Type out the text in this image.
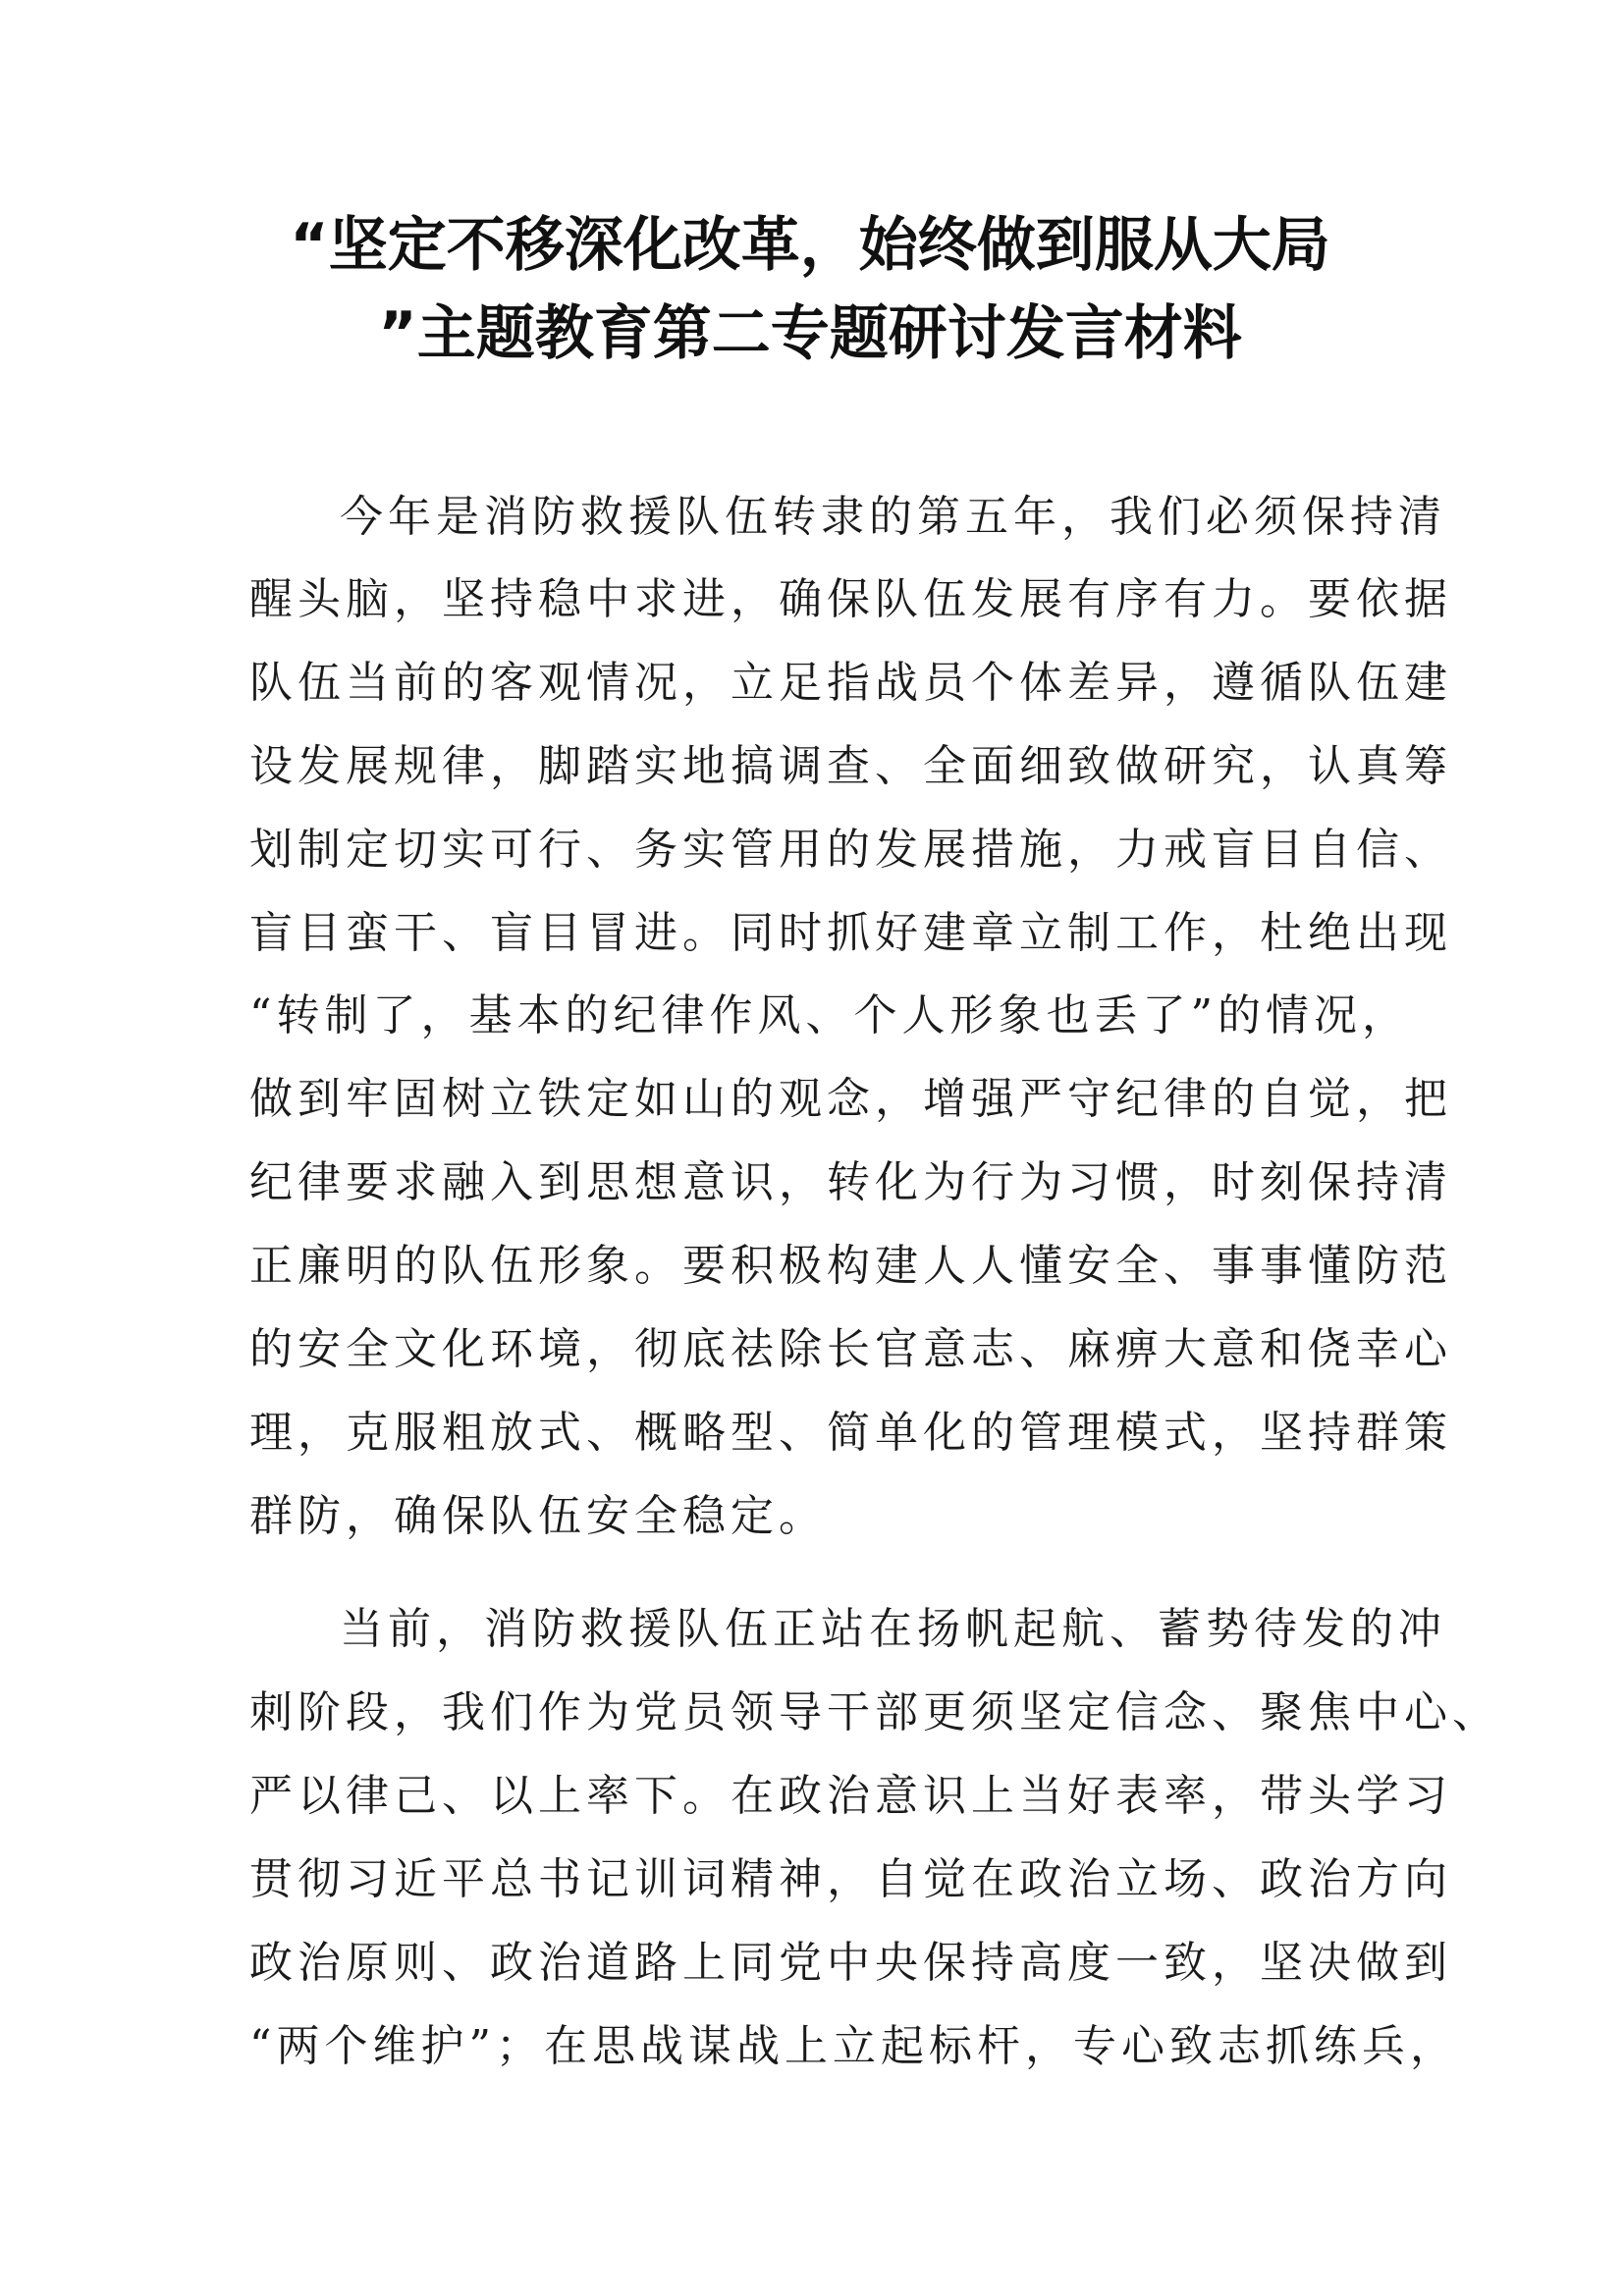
“坚定不移深化改革，始终做到服从大局
”主题教育第二专题研讨发言材料
今年是消防救援队伍转隶的第五年，我们必须保持清
醒头脑，坚持稳中求进，确保队伍发展有序有力。要依据
队伍当前的客观情况，立足指战员个体差异，遵循队伍建
设发展规律，脚踏实地搞调查、全面细致做研究，认真筹
划制定切实可行、务实管用的发展措施，力戒盲目自信、
盲目蛮干、盲目冒进。同时抓好建章立制工作，杜绝出现
“转制了，基本的纪律作风、个人形象也丢了”的情况，
做到牢固树立铁定如山的观念，增强严守纪律的自觉，把
纪律要求融入到思想意识，转化为行为习惯，时刻保持清
正廉明的队伍形象。要积极构建人人懂安全、事事懂防范
的安全文化环境，彻底祛除长官意志、麻痹大意和侥幸心
理，克服粗放式、概略型、简单化的管理模式，坚持群策
群防，确保队伍安全稳定。
当前，消防救援队伍正站在扬帆起航、蓄势待发的冲
刺阶段，我们作为党员领导干部更须坚定信念、聚焦中心、
严以律己、以上率下。在政治意识上当好表率，带头学习
贯彻习近平总书记训词精神，自觉在政治立场、政治方向
政治原则、政治道路上同党中央保持高度一致，坚决做到
“两个维护”；在思战谋战上立起标杆，专心致志抓练兵，
